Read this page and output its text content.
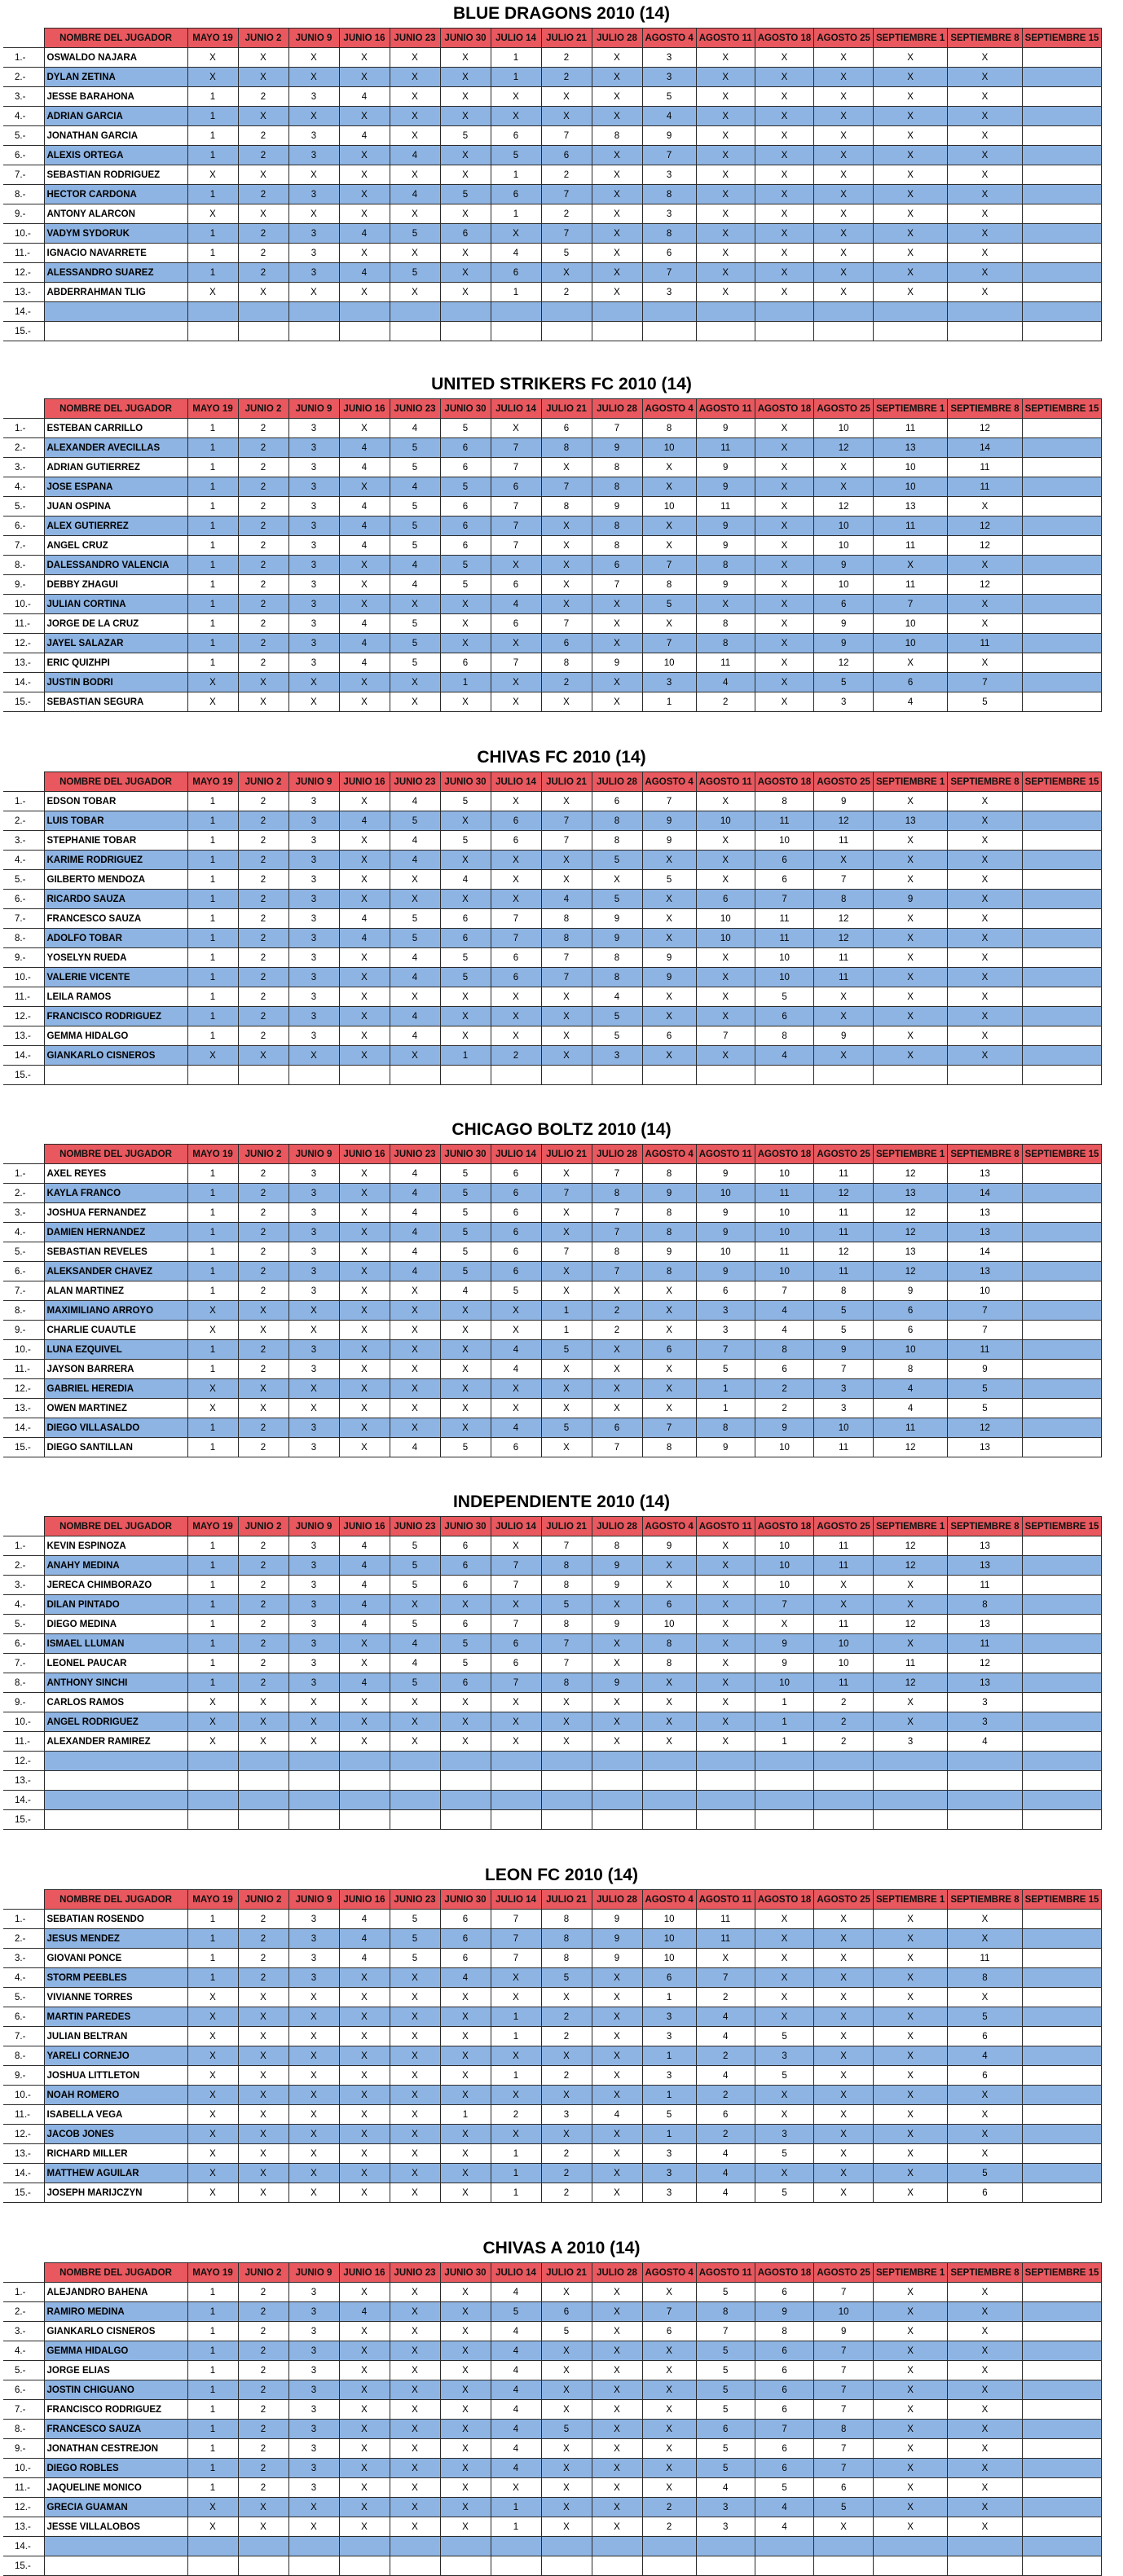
BLUE DRAGONS 2010 (14)
	NOMBRE DEL JUGADOR	MAYO 19	JUNIO 2	JUNIO 9	JUNIO 16	JUNIO 23	JUNIO 30	JULIO 14	JULIO 21	JULIO 28	AGOSTO 4	AGOSTO 11	AGOSTO 18	AGOSTO 25	SEPTIEMBRE 1	SEPTIEMBRE 8	SEPTIEMBRE 15
1.-	OSWALDO NAJARA	X	X	X	X	X	X	1	2	X	3	X	X	X	X	X	
2.-	DYLAN ZETINA	X	X	X	X	X	X	1	2	X	3	X	X	X	X	X	
3.-	JESSE BARAHONA	1	2	3	4	X	X	X	X	X	5	X	X	X	X	X	
4.-	ADRIAN GARCIA	1	X	X	X	X	X	X	X	X	4	X	X	X	X	X	
5.-	JONATHAN GARCIA	1	2	3	4	X	5	6	7	8	9	X	X	X	X	X	
6.-	ALEXIS ORTEGA	1	2	3	X	4	X	5	6	X	7	X	X	X	X	X	
7.-	SEBASTIAN RODRIGUEZ	X	X	X	X	X	X	1	2	X	3	X	X	X	X	X	
8.-	HECTOR CARDONA	1	2	3	X	4	5	6	7	X	8	X	X	X	X	X	
9.-	ANTONY ALARCON	X	X	X	X	X	X	1	2	X	3	X	X	X	X	X	
10.-	VADYM SYDORUK	1	2	3	4	5	6	X	7	X	8	X	X	X	X	X	
11.-	IGNACIO NAVARRETE	1	2	3	X	X	X	4	5	X	6	X	X	X	X	X	
12.-	ALESSANDRO SUAREZ	1	2	3	4	5	X	6	X	X	7	X	X	X	X	X	
13.-	ABDERRAHMAN TLIG	X	X	X	X	X	X	1	2	X	3	X	X	X	X	X	
14.-																	
15.-																	
UNITED STRIKERS FC 2010 (14)
	NOMBRE DEL JUGADOR	MAYO 19	JUNIO 2	JUNIO 9	JUNIO 16	JUNIO 23	JUNIO 30	JULIO 14	JULIO 21	JULIO 28	AGOSTO 4	AGOSTO 11	AGOSTO 18	AGOSTO 25	SEPTIEMBRE 1	SEPTIEMBRE 8	SEPTIEMBRE 15
1.-	ESTEBAN CARRILLO	1	2	3	X	4	5	X	6	7	8	9	X	10	11	12	
2.-	ALEXANDER AVECILLAS	1	2	3	4	5	6	7	8	9	10	11	X	12	13	14	
3.-	ADRIAN GUTIERREZ	1	2	3	4	5	6	7	X	8	X	9	X	X	10	11	
4.-	JOSE ESPANA	1	2	3	X	4	5	6	7	8	X	9	X	X	10	11	
5.-	JUAN OSPINA	1	2	3	4	5	6	7	8	9	10	11	X	12	13	X	
6.-	ALEX GUTIERREZ	1	2	3	4	5	6	7	X	8	X	9	X	10	11	12	
7.-	ANGEL CRUZ	1	2	3	4	5	6	7	X	8	X	9	X	10	11	12	
8.-	DALESSANDRO VALENCIA	1	2	3	X	4	5	X	X	6	7	8	X	9	X	X	
9.-	DEBBY ZHAGUI	1	2	3	X	4	5	6	X	7	8	9	X	10	11	12	
10.-	JULIAN CORTINA	1	2	3	X	X	X	4	X	X	5	X	X	6	7	X	
11.-	JORGE DE LA CRUZ	1	2	3	4	5	X	6	7	X	X	8	X	9	10	X	
12.-	JAYEL SALAZAR	1	2	3	4	5	X	X	6	X	7	8	X	9	10	11	
13.-	ERIC QUIZHPI	1	2	3	4	5	6	7	8	9	10	11	X	12	X	X	
14.-	JUSTIN BODRI	X	X	X	X	X	1	X	2	X	3	4	X	5	6	7	
15.-	SEBASTIAN SEGURA	X	X	X	X	X	X	X	X	X	1	2	X	3	4	5	
CHIVAS FC 2010 (14)
	NOMBRE DEL JUGADOR	MAYO 19	JUNIO 2	JUNIO 9	JUNIO 16	JUNIO 23	JUNIO 30	JULIO 14	JULIO 21	JULIO 28	AGOSTO 4	AGOSTO 11	AGOSTO 18	AGOSTO 25	SEPTIEMBRE 1	SEPTIEMBRE 8	SEPTIEMBRE 15
1.-	EDSON TOBAR	1	2	3	X	4	5	X	X	6	7	X	8	9	X	X	
2.-	LUIS TOBAR	1	2	3	4	5	X	6	7	8	9	10	11	12	13	X	
3.-	STEPHANIE TOBAR	1	2	3	X	4	5	6	7	8	9	X	10	11	X	X	
4.-	KARIME RODRIGUEZ	1	2	3	X	4	X	X	X	5	X	X	6	X	X	X	
5.-	GILBERTO MENDOZA	1	2	3	X	X	4	X	X	X	5	X	6	7	X	X	
6.-	RICARDO SAUZA	1	2	3	X	X	X	X	4	5	X	6	7	8	9	X	
7.-	FRANCESCO SAUZA	1	2	3	4	5	6	7	8	9	X	10	11	12	X	X	
8.-	ADOLFO TOBAR	1	2	3	4	5	6	7	8	9	X	10	11	12	X	X	
9.-	YOSELYN RUEDA	1	2	3	X	4	5	6	7	8	9	X	10	11	X	X	
10.-	VALERIE VICENTE	1	2	3	X	4	5	6	7	8	9	X	10	11	X	X	
11.-	LEILA RAMOS	1	2	3	X	X	X	X	X	4	X	X	5	X	X	X	
12.-	FRANCISCO RODRIGUEZ	1	2	3	X	4	X	X	X	5	X	X	6	X	X	X	
13.-	GEMMA HIDALGO	1	2	3	X	4	X	X	X	5	6	7	8	9	X	X	
14.-	GIANKARLO CISNEROS	X	X	X	X	X	1	2	X	3	X	X	4	X	X	X	
15.-																	
CHICAGO BOLTZ 2010 (14)
	NOMBRE DEL JUGADOR	MAYO 19	JUNIO 2	JUNIO 9	JUNIO 16	JUNIO 23	JUNIO 30	JULIO 14	JULIO 21	JULIO 28	AGOSTO 4	AGOSTO 11	AGOSTO 18	AGOSTO 25	SEPTIEMBRE 1	SEPTIEMBRE 8	SEPTIEMBRE 15
1.-	AXEL REYES	1	2	3	X	4	5	6	X	7	8	9	10	11	12	13	
2.-	KAYLA FRANCO	1	2	3	X	4	5	6	7	8	9	10	11	12	13	14	
3.-	JOSHUA FERNANDEZ	1	2	3	X	4	5	6	X	7	8	9	10	11	12	13	
4.-	DAMIEN HERNANDEZ	1	2	3	X	4	5	6	X	7	8	9	10	11	12	13	
5.-	SEBASTIAN REVELES	1	2	3	X	4	5	6	7	8	9	10	11	12	13	14	
6.-	ALEKSANDER CHAVEZ	1	2	3	X	4	5	6	X	7	8	9	10	11	12	13	
7.-	ALAN MARTINEZ	1	2	3	X	X	4	5	X	X	X	6	7	8	9	10	
8.-	MAXIMILIANO ARROYO	X	X	X	X	X	X	X	1	2	X	3	4	5	6	7	
9.-	CHARLIE CUAUTLE	X	X	X	X	X	X	X	1	2	X	3	4	5	6	7	
10.-	LUNA EZQUIVEL	1	2	3	X	X	X	4	5	X	6	7	8	9	10	11	
11.-	JAYSON BARRERA	1	2	3	X	X	X	4	X	X	X	5	6	7	8	9	
12.-	GABRIEL HEREDIA	X	X	X	X	X	X	X	X	X	X	1	2	3	4	5	
13.-	OWEN MARTINEZ	X	X	X	X	X	X	X	X	X	X	1	2	3	4	5	
14.-	DIEGO VILLASALDO	1	2	3	X	X	X	4	5	6	7	8	9	10	11	12	
15.-	DIEGO SANTILLAN	1	2	3	X	4	5	6	X	7	8	9	10	11	12	13	
INDEPENDIENTE 2010 (14)
	NOMBRE DEL JUGADOR	MAYO 19	JUNIO 2	JUNIO 9	JUNIO 16	JUNIO 23	JUNIO 30	JULIO 14	JULIO 21	JULIO 28	AGOSTO 4	AGOSTO 11	AGOSTO 18	AGOSTO 25	SEPTIEMBRE 1	SEPTIEMBRE 8	SEPTIEMBRE 15
1.-	KEVIN ESPINOZA	1	2	3	4	5	6	X	7	8	9	X	10	11	12	13	
2.-	ANAHY MEDINA	1	2	3	4	5	6	7	8	9	X	X	10	11	12	13	
3.-	JERECA CHIMBORAZO	1	2	3	4	5	6	7	8	9	X	X	10	X	X	11	
4.-	DILAN PINTADO	1	2	3	4	X	X	X	5	X	6	X	7	X	X	8	
5.-	DIEGO MEDINA	1	2	3	4	5	6	7	8	9	10	X	X	11	12	13	
6.-	ISMAEL LLUMAN	1	2	3	X	4	5	6	7	X	8	X	9	10	X	11	
7.-	LEONEL PAUCAR	1	2	3	X	4	5	6	7	X	8	X	9	10	11	12	
8.-	ANTHONY SINCHI	1	2	3	4	5	6	7	8	9	X	X	10	11	12	13	
9.-	CARLOS RAMOS	X	X	X	X	X	X	X	X	X	X	X	1	2	X	3	
10.-	ANGEL RODRIGUEZ	X	X	X	X	X	X	X	X	X	X	X	1	2	X	3	
11.-	ALEXANDER RAMIREZ	X	X	X	X	X	X	X	X	X	X	X	1	2	3	4	
12.-																	
13.-																	
14.-																	
15.-																	
LEON FC 2010 (14)
	NOMBRE DEL JUGADOR	MAYO 19	JUNIO 2	JUNIO 9	JUNIO 16	JUNIO 23	JUNIO 30	JULIO 14	JULIO 21	JULIO 28	AGOSTO 4	AGOSTO 11	AGOSTO 18	AGOSTO 25	SEPTIEMBRE 1	SEPTIEMBRE 8	SEPTIEMBRE 15
1.-	SEBATIAN ROSENDO	1	2	3	4	5	6	7	8	9	10	11	X	X	X	X	
2.-	JESUS MENDEZ	1	2	3	4	5	6	7	8	9	10	11	X	X	X	X	
3.-	GIOVANI PONCE	1	2	3	4	5	6	7	8	9	10	X	X	X	X	11	
4.-	STORM PEEBLES	1	2	3	X	X	4	X	5	X	6	7	X	X	X	8	
5.-	VIVIANNE TORRES	X	X	X	X	X	X	X	X	X	1	2	X	X	X	X	
6.-	MARTIN PAREDES	X	X	X	X	X	X	1	2	X	3	4	X	X	X	5	
7.-	JULIAN BELTRAN	X	X	X	X	X	X	1	2	X	3	4	5	X	X	6	
8.-	YARELI CORNEJO	X	X	X	X	X	X	X	X	X	1	2	3	X	X	4	
9.-	JOSHUA LITTLETON	X	X	X	X	X	X	1	2	X	3	4	5	X	X	6	
10.-	NOAH ROMERO	X	X	X	X	X	X	X	X	X	1	2	X	X	X	X	
11.-	ISABELLA VEGA	X	X	X	X	X	1	2	3	4	5	6	X	X	X	X	
12.-	JACOB JONES	X	X	X	X	X	X	X	X	X	1	2	3	X	X	X	
13.-	RICHARD MILLER	X	X	X	X	X	X	1	2	X	3	4	5	X	X	X	
14.-	MATTHEW AGUILAR	X	X	X	X	X	X	1	2	X	3	4	X	X	X	5	
15.-	JOSEPH MARIJCZYN	X	X	X	X	X	X	1	2	X	3	4	5	X	X	6	
CHIVAS A 2010 (14)
	NOMBRE DEL JUGADOR	MAYO 19	JUNIO 2	JUNIO 9	JUNIO 16	JUNIO 23	JUNIO 30	JULIO 14	JULIO 21	JULIO 28	AGOSTO 4	AGOSTO 11	AGOSTO 18	AGOSTO 25	SEPTIEMBRE 1	SEPTIEMBRE 8	SEPTIEMBRE 15
1.-	ALEJANDRO BAHENA	1	2	3	X	X	X	4	X	X	X	5	6	7	X	X	
2.-	RAMIRO MEDINA	1	2	3	4	X	X	5	6	X	7	8	9	10	X	X	
3.-	GIANKARLO CISNEROS	1	2	3	X	X	X	4	5	X	6	7	8	9	X	X	
4.-	GEMMA HIDALGO	1	2	3	X	X	X	4	X	X	X	5	6	7	X	X	
5.-	JORGE ELIAS	1	2	3	X	X	X	4	X	X	X	5	6	7	X	X	
6.-	JOSTIN CHIGUANO	1	2	3	X	X	X	4	X	X	X	5	6	7	X	X	
7.-	FRANCISCO RODRIGUEZ	1	2	3	X	X	X	4	X	X	X	5	6	7	X	X	
8.-	FRANCESCO SAUZA	1	2	3	X	X	X	4	5	X	X	6	7	8	X	X	
9.-	JONATHAN CESTREJON	1	2	3	X	X	X	4	X	X	X	5	6	7	X	X	
10.-	DIEGO ROBLES	1	2	3	X	X	X	4	X	X	X	5	6	7	X	X	
11.-	JAQUELINE MONICO	1	2	3	X	X	X	X	X	X	X	4	5	6	X	X	
12.-	GRECIA GUAMAN	X	X	X	X	X	X	1	X	X	2	3	4	5	X	X	
13.-	JESSE VILLALOBOS	X	X	X	X	X	X	1	X	X	2	3	4	X	X	X	
14.-																	
15.-																	
